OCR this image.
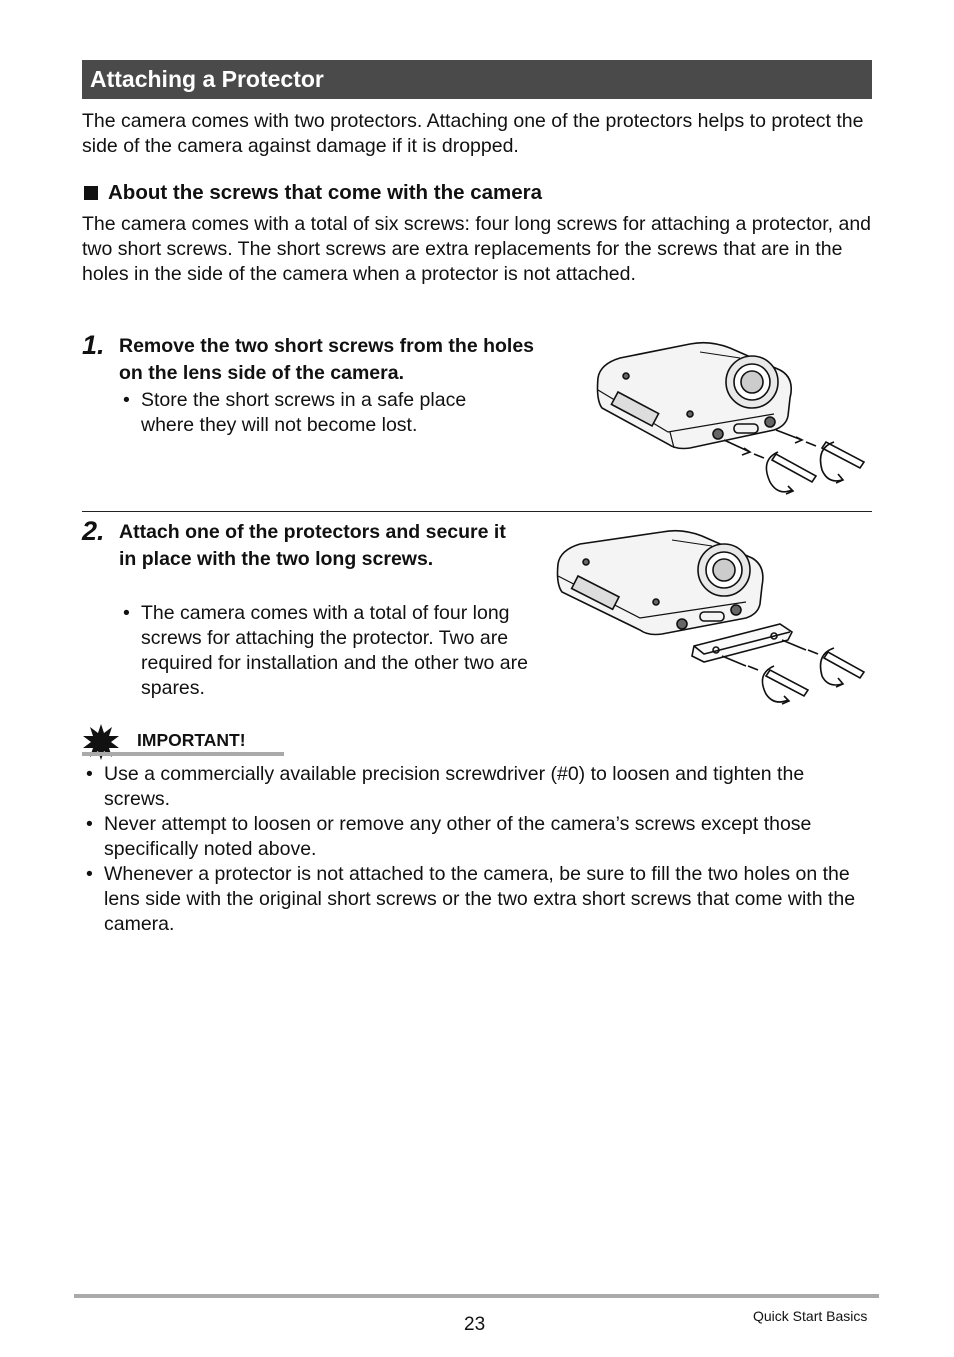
Attaching a Protector
The camera comes with two protectors. Attaching one of the protectors helps to protect the side of the camera against damage if it is dropped.
About the screws that come with the camera
The camera comes with a total of six screws: four long screws for attaching a protector, and two short screws. The short screws are extra replacements for the screws that are in the holes in the side of the camera when a protector is not attached.
1. Remove the two short screws from the holes on the lens side of the camera.
• Store the short screws in a safe place where they will not become lost.
2. Attach one of the protectors and secure it in place with the two long screws.
• The camera comes with a total of four long screws for attaching the protector. Two are required for installation and the other two are spares.
IMPORTANT!
• Use a commercially available precision screwdriver (#0) to loosen and tighten the screws.
• Never attempt to loosen or remove any other of the camera’s screws except those specifically noted above.
• Whenever a protector is not attached to the camera, be sure to fill the two holes on the lens side with the original short screws or the two extra short screws that come with the camera.
23	Quick Start Basics
